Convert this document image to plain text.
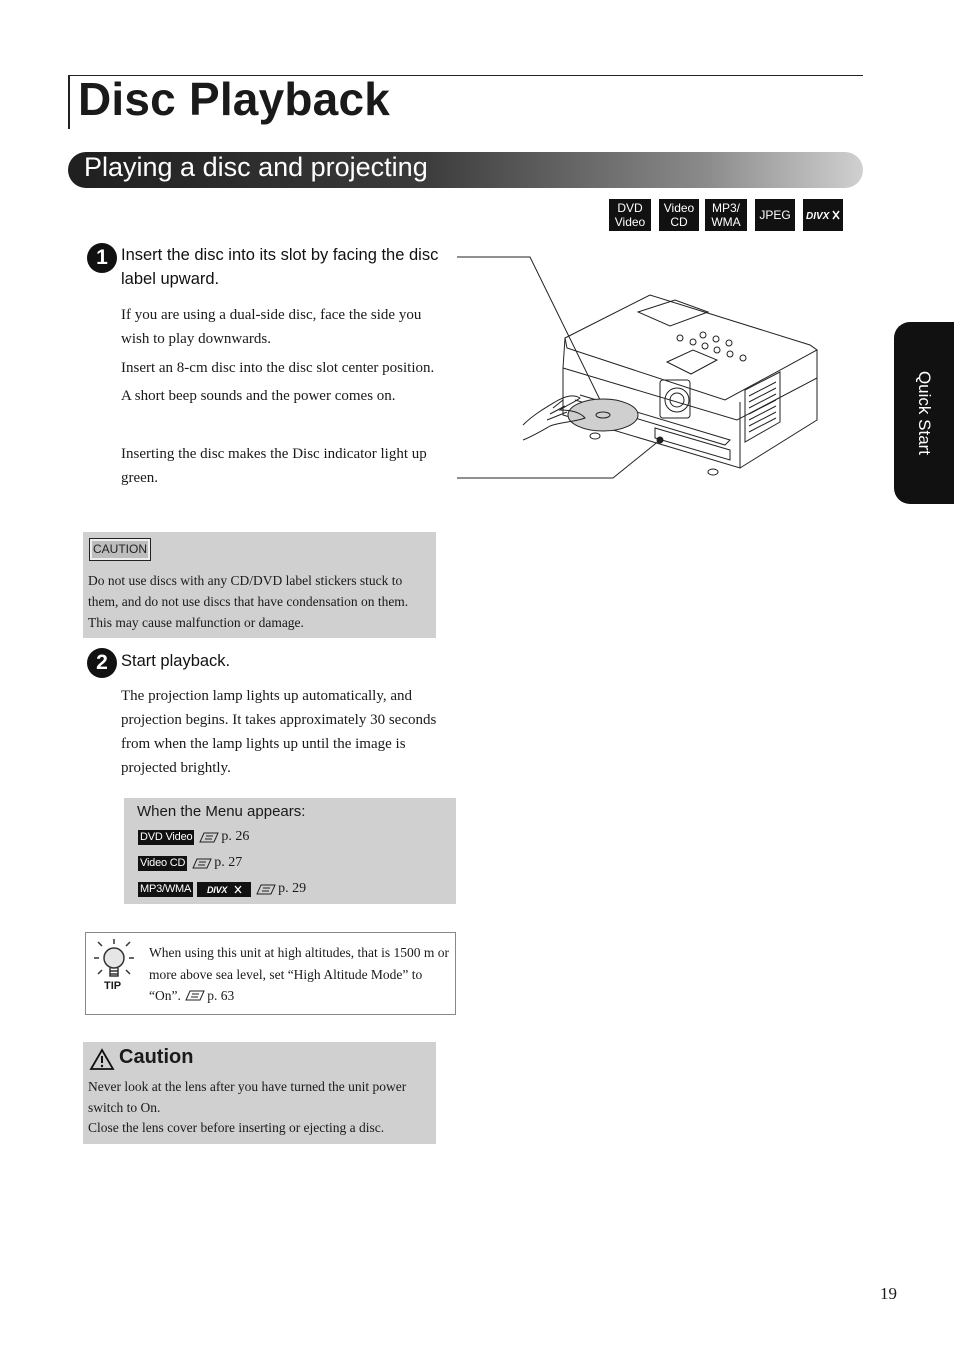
Disc Playback
Playing a disc and projecting
DVD
Video
Video
CD
MP3/
WMA JPEG DIVX
Quick Start
1 Insert the disc into its slot by facing the disc label upward.

If you are using a dual-side disc, face the side you wish to play downwards.

Insert an 8-cm disc into the disc slot center position.

A short beep sounds and the power comes on.

Inserting the disc makes the Disc indicator light up green.

CAUTION
Do not use discs with any CD/DVD label stickers stuck to them, and do not use discs that have condensation on them. This may cause malfunction or damage.
2 Start playback.

The projection lamp lights up automatically, and projection begins. It takes approximately 30 seconds from when the lamp lights up until the image is projected brightly.

When the Menu appears:
DVD Video p. 26
Video CD p. 27
MP3/WMA DIVX	p. 29
TIP
When using this unit at high altitudes, that is 1500 m or more above sea level, set “High Altitude Mode” to “On”. p. 63
Caution
Never look at the lens after you have turned the unit power switch to On.
Close the lens cover before inserting or ejecting a disc.
19
